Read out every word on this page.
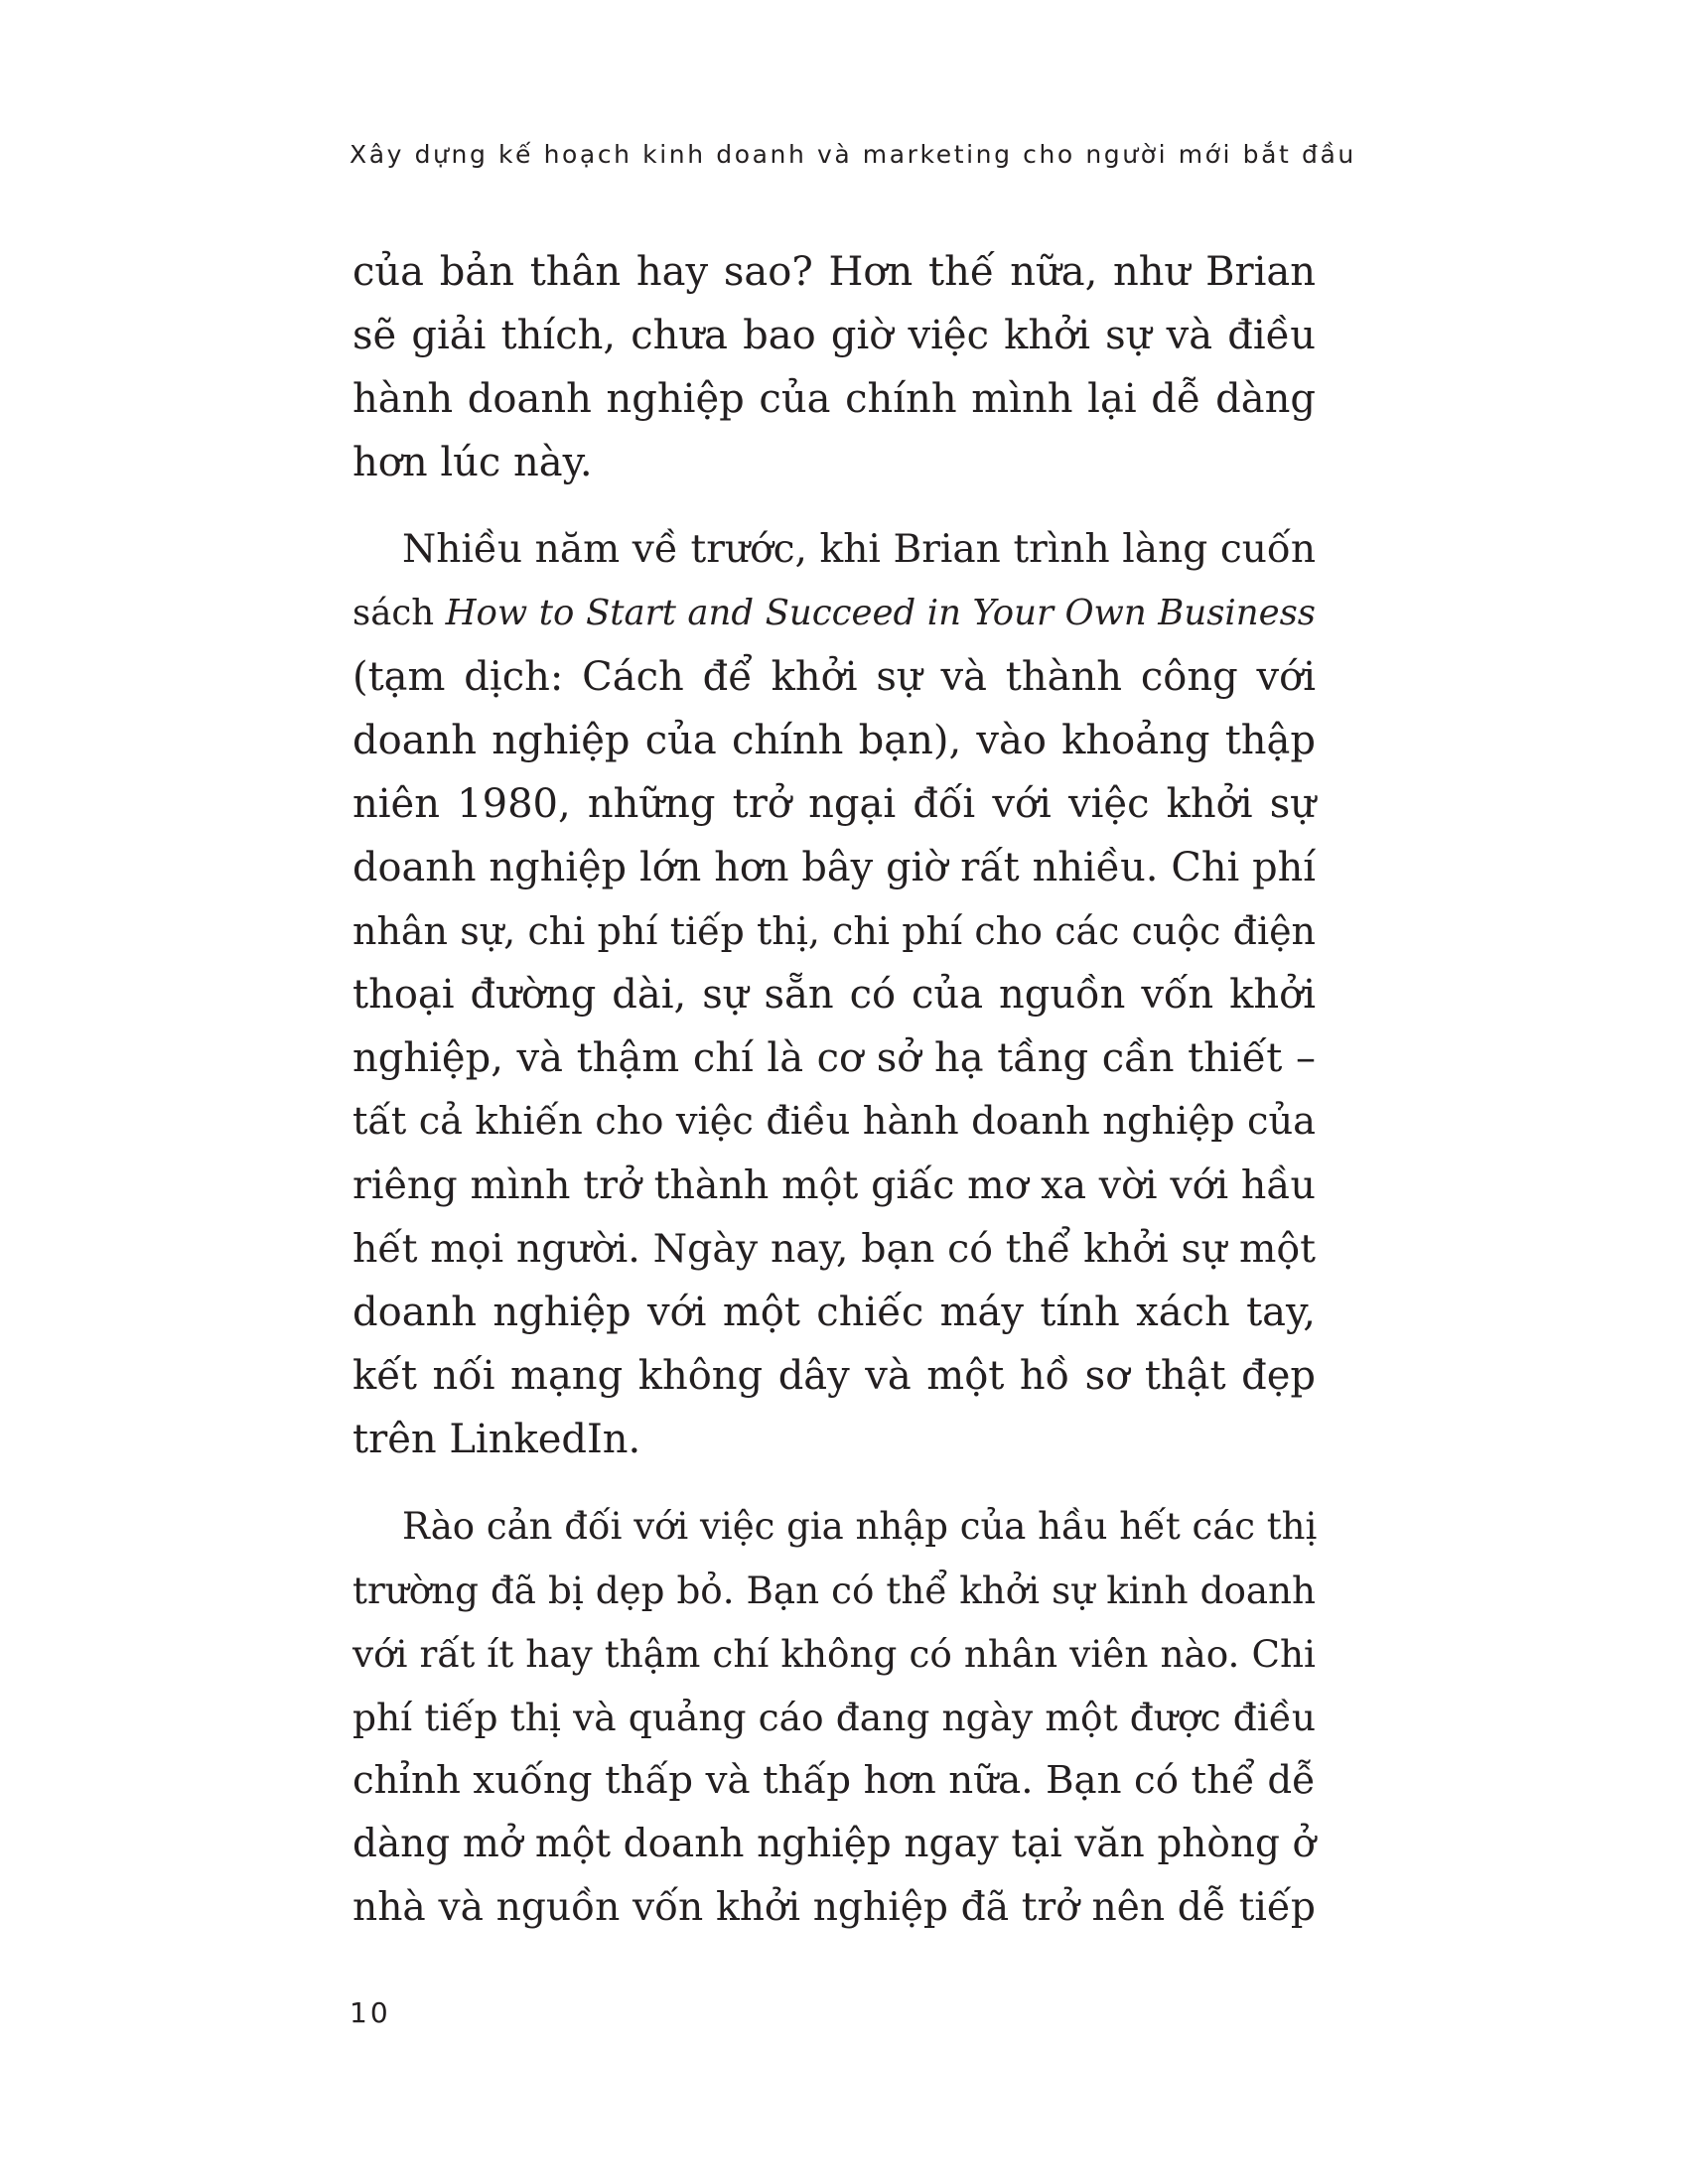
Xây dựng kế hoạch kinh doanh và marketing cho người mới bắt đầu

của bản thân hay sao? Hơn thế nữa, như Brian
sẽ giải thích, chưa bao giờ việc khởi sự và điều
hành doanh nghiệp của chính mình lại dễ dàng
hơn lúc này.

Nhiều năm về trước, khi Brian trình làng cuốn
sách How to Start and Succeed in Your Own Business
(tạm dịch: Cách để khởi sự và thành công với
doanh nghiệp của chính bạn), vào khoảng thập
niên 1980, những trở ngại đối với việc khởi sự
doanh nghiệp lớn hơn bây giờ rất nhiều. Chi phí
nhân sự, chi phí tiếp thị, chi phí cho các cuộc điện
thoại đường dài, sự sẵn có của nguồn vốn khởi
nghiệp, và thậm chí là cơ sở hạ tầng cần thiết –
tất cả khiến cho việc điều hành doanh nghiệp của
riêng mình trở thành một giấc mơ xa vời với hầu
hết mọi người. Ngày nay, bạn có thể khởi sự một
doanh nghiệp với một chiếc máy tính xách tay,
kết nối mạng không dây và một hồ sơ thật đẹp
trên LinkedIn.

Rào cản đối với việc gia nhập của hầu hết các thị
trường đã bị dẹp bỏ. Bạn có thể khởi sự kinh doanh
với rất ít hay thậm chí không có nhân viên nào. Chi
phí tiếp thị và quảng cáo đang ngày một được điều
chỉnh xuống thấp và thấp hơn nữa. Bạn có thể dễ
dàng mở một doanh nghiệp ngay tại văn phòng ở
nhà và nguồn vốn khởi nghiệp đã trở nên dễ tiếp

10
